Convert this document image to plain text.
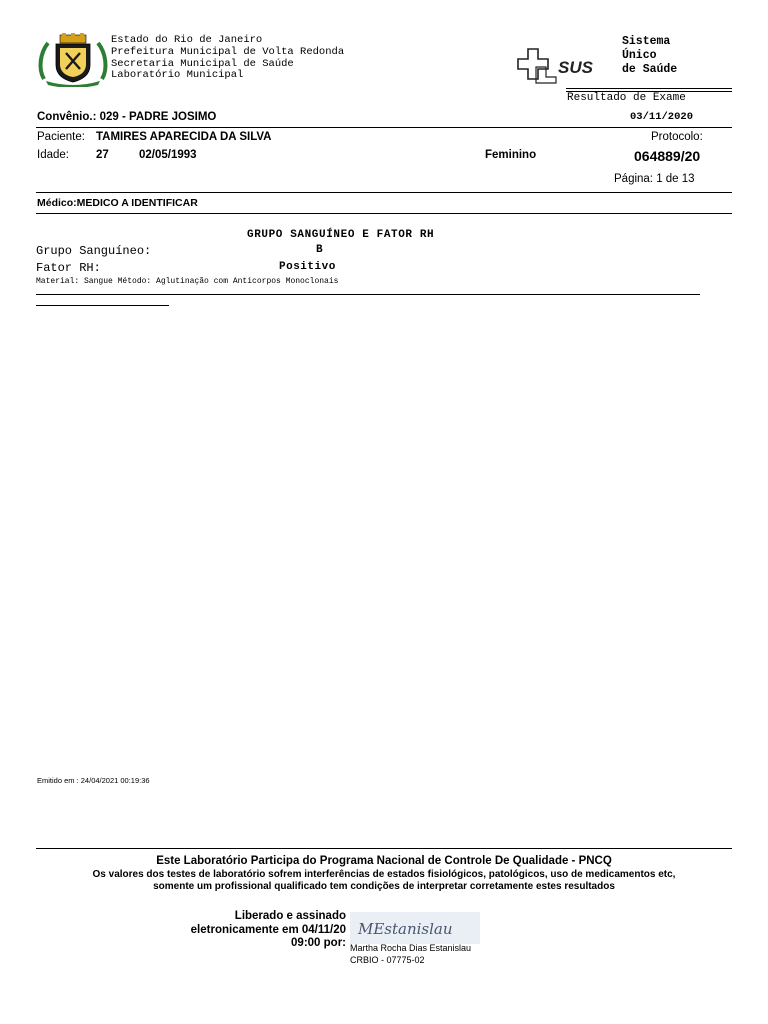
Estado do Rio de Janeiro
Prefeitura Municipal de Volta Redonda
Secretaria Municipal de Saúde
Laboratório Municipal	SUS
Sistema
Único
de Saúde
Resultado de Exame
Convênio.: 029 - PADRE JOSIMO	03/11/2020
Paciente: TAMIRES APARECIDA DA SILVA	Protocolo:
Idade: 27	02/05/1993	Feminino	064889/20
Página: 1 de 13
Médico:MEDICO A IDENTIFICAR
GRUPO SANGUÍNEO E FATOR RH
Grupo Sanguíneo:	B
Fator RH:	Positivo
Material: Sangue Método: Aglutinação com Anticorpos Monoclonais
Emitido em : 24/04/2021 00:19:36
Este Laboratório Participa do Programa Nacional de Controle De Qualidade - PNCQ
Os valores dos testes de laboratório sofrem interferências de estados fisiológicos, patológicos, uso de medicamentos etc,
somente um profissional qualificado tem condições de interpretar corretamente estes resultados
Liberado e assinado
eletronicamente em 04/11/20
09:00 por:
MEstanislau
Martha Rocha Dias Estanislau
CRBIO - 07775-02
